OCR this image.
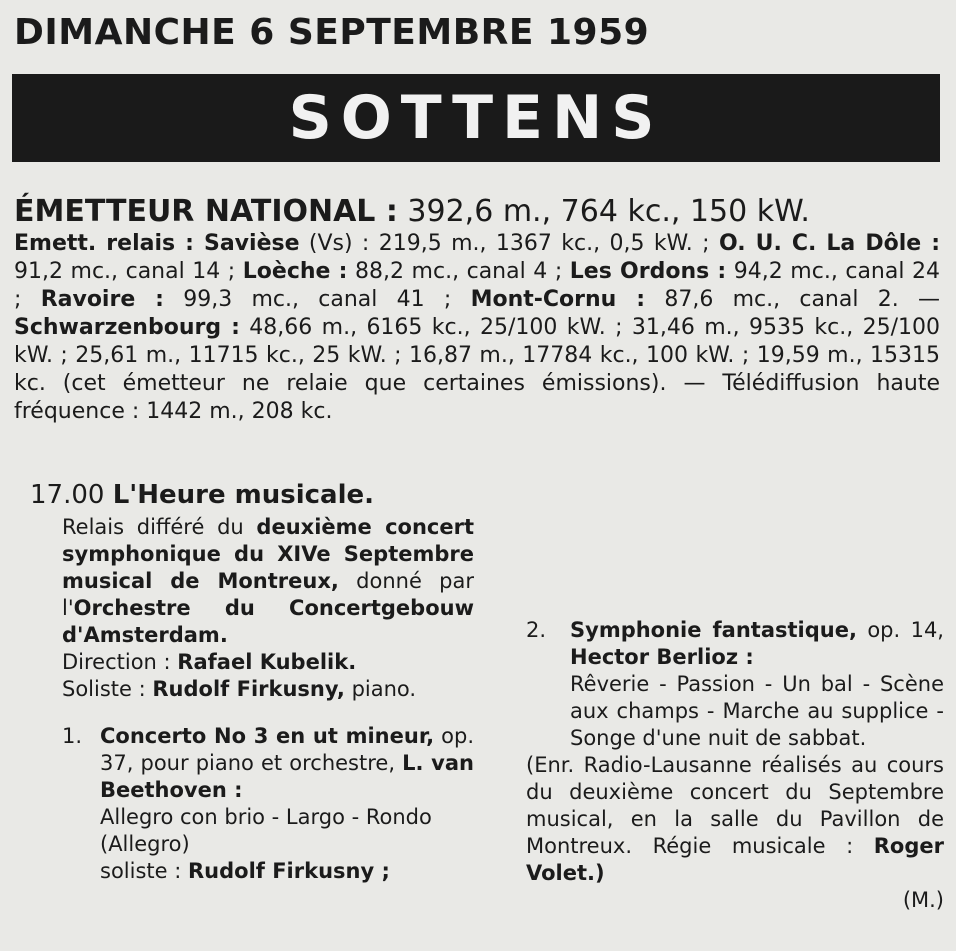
DIMANCHE 6 SEPTEMBRE 1959
SOTTENS
ÉMETTEUR NATIONAL : 392,6 m., 764 kc., 150 kW.
Emett. relais : Savièse (Vs) : 219,5 m., 1367 kc., 0,5 kW. ; O. U. C. La Dôle : 91,2 mc., canal 14 ; Loèche : 88,2 mc., canal 4 ; Les Ordons : 94,2 mc., canal 24 ; Ravoire : 99,3 mc., canal 41 ; Mont-Cornu : 87,6 mc., canal 2. — Schwarzenbourg : 48,66 m., 6165 kc., 25/100 kW. ; 31,46 m., 9535 kc., 25/100 kW. ; 25,61 m., 11715 kc., 25 kW. ; 16,87 m., 17784 kc., 100 kW. ; 19,59 m., 15315 kc. (cet émetteur ne relaie que certaines émissions). — Télédiffusion haute fréquence : 1442 m., 208 kc.
17.00 L'Heure musicale.

Relais différé du deuxième concert symphonique du XIVe Septembre musical de Montreux, donné par l'Orchestre du Concertgebouw d'Amsterdam.

Direction : Rafael Kubelik.

Soliste : Rudolf Firkusny, piano.

1. Concerto No 3 en ut mineur, op. 37, pour piano et orchestre, L. van Beethoven :

Allegro con brio - Largo - Rondo (Allegro)

soliste : Rudolf Firkusny ;

2. Symphonie fantastique, op. 14, Hector Berlioz :

Rêverie - Passion - Un bal - Scène aux champs - Marche au supplice - Songe d'une nuit de sabbat.

(Enr. Radio-Lausanne réalisés au cours du deuxième concert du Septembre musical, en la salle du Pavillon de Montreux. Régie musicale : Roger Volet.)

(M.)
